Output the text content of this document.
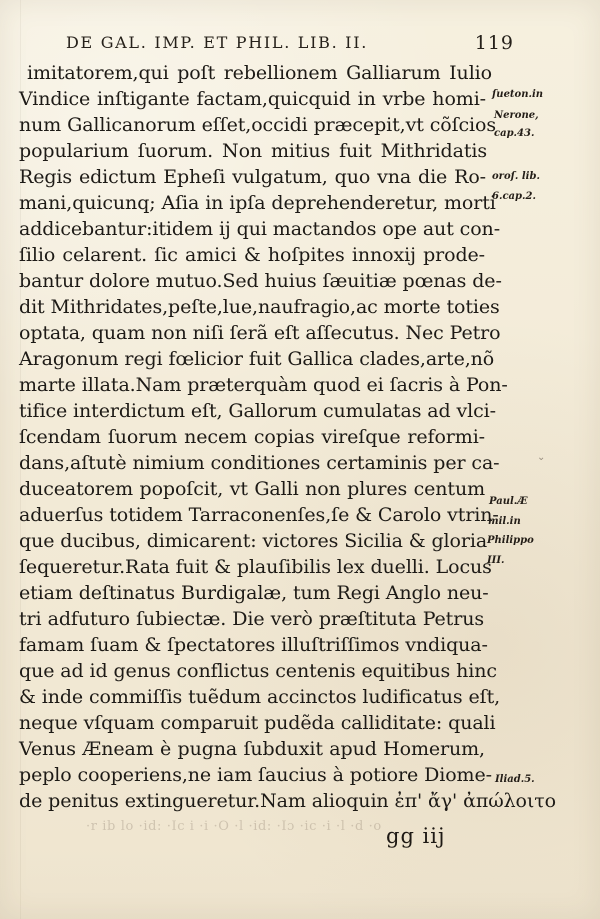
DE GAL. IMP. ET PHIL. LIB. II.	119
imitatorem,qui poſt rebellionem Galliarum Iulio
Vindice inſtigante factam,quicquid in vrbe homi-
num Gallicanorum eſſet,occidi præcepit,vt cõſcios
popularium ſuorum. Non mitius fuit Mithridatis
Regis edictum Epheſi vulgatum, quo vna die Ro-
mani,quicunq; Aſia in ipſa deprehenderetur, morti
addicebantur:itidem ij qui mactandos ope aut con-
ſilio celarent. ſic amici & hoſpites innoxij prode-
bantur dolore mutuo.Sed huius ſæuitiæ pœnas de-
dit Mithridates,peſte,lue,naufragio,ac morte toties
optata, quam non niſi ſerã eſt aſſecutus. Nec Petro
Aragonum regi fœlicior fuit Gallica clades,arte,nõ
marte illata.Nam præterquàm quod ei ſacris à Pon-
tifice interdictum eſt, Gallorum cumulatas ad vlci-
ſcendam ſuorum necem copias vireſque reformi-
dans,aſtutè nimium conditiones certaminis per ca-
duceatorem popoſcit, vt Galli non plures centum
aduerſus totidem Tarraconenſes,ſe & Carolo vtrin-
que ducibus, dimicarent: victores Sicilia & gloria
ſequeretur.Rata fuit & plauſibilis lex duelli. Locus
etiam deſtinatus Burdigalæ, tum Regi Anglo neu-
tri adfuturo ſubiectæ. Die verò præſtituta Petrus
famam ſuam & ſpectatores illuſtriſſimos vndiqua-
que ad id genus conflictus centenis equitibus hinc
& inde commiſſis tuẽdum accinctos ludificatus eſt,
neque vſquam comparuit pudẽda calliditate: quali
Venus Æneam è pugna ſubduxit apud Homerum,
peplo cooperiens,ne iam ſaucius à potiore Diome-
de penitus extingueretur.Nam alioquin ἐπ' ἄγ' ἀπώλοιτο
ſueton.in
Nerone,
cap.43.
oroſ. lib.
6.cap.2.
Paul.Æ
mil.in
Philippo
III.
Iliad.5.
⌄
·r ib lo ·id: ·Ic i ·i ·O ·l ·id: ·Iɔ ·ic ·i ·l ·d ·o gg iij
